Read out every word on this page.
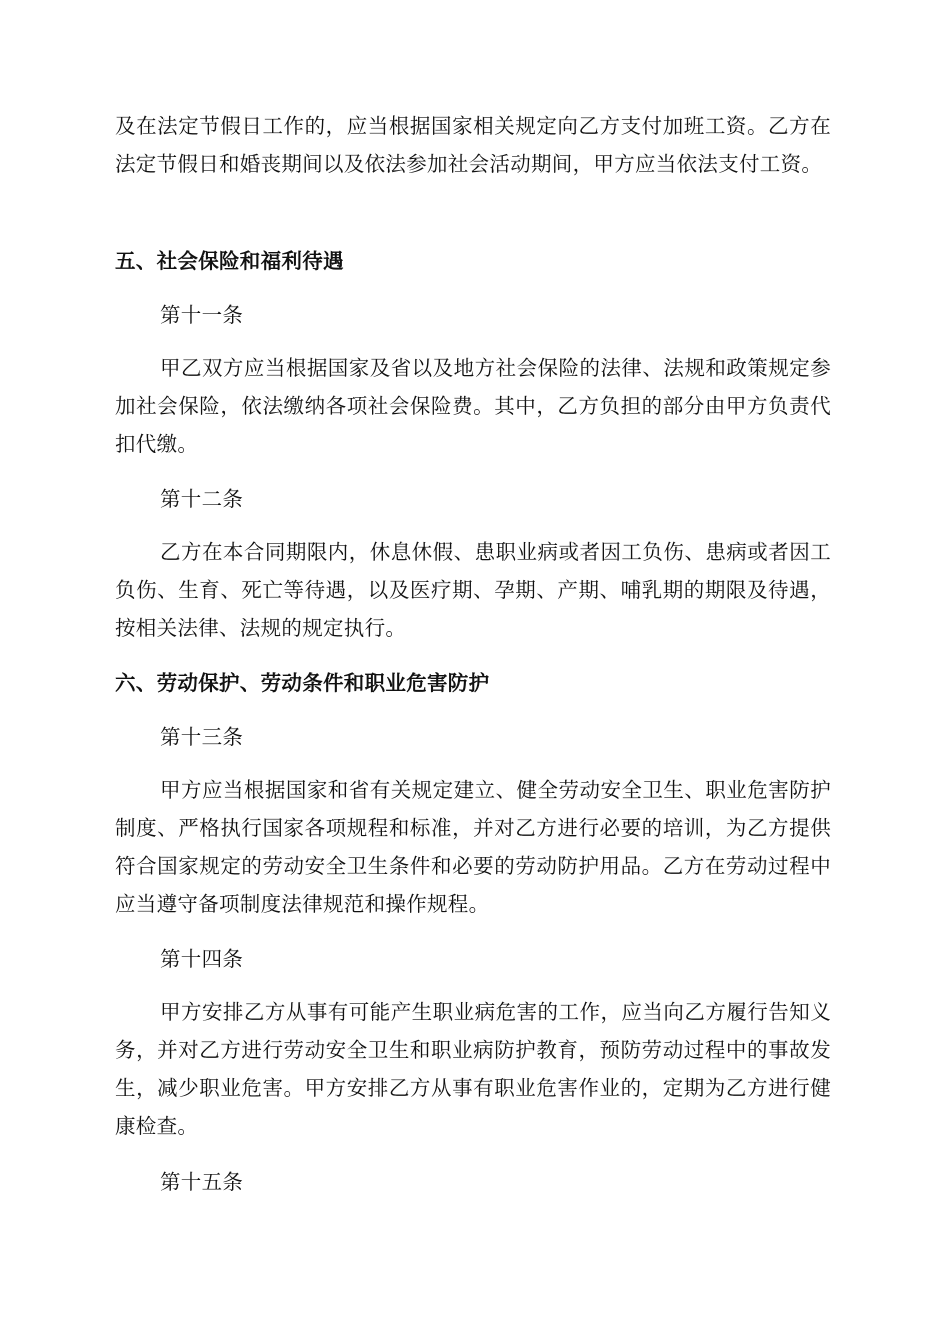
及在法定节假日工作的，应当根据国家相关规定向乙方支付加班工资。乙方在法定节假日和婚丧期间以及依法参加社会活动期间，甲方应当依法支付工资。

五、社会保险和福利待遇

第十一条

甲乙双方应当根据国家及省以及地方社会保险的法律、法规和政策规定参加社会保险，依法缴纳各项社会保险费。其中，乙方负担的部分由甲方负责代扣代缴。

第十二条

乙方在本合同期限内，休息休假、患职业病或者因工负伤、患病或者因工负伤、生育、死亡等待遇，以及医疗期、孕期、产期、哺乳期的期限及待遇，按相关法律、法规的规定执行。

六、劳动保护、劳动条件和职业危害防护

第十三条

甲方应当根据国家和省有关规定建立、健全劳动安全卫生、职业危害防护制度、严格执行国家各项规程和标准，并对乙方进行必要的培训，为乙方提供符合国家规定的劳动安全卫生条件和必要的劳动防护用品。乙方在劳动过程中应当遵守备项制度法律规范和操作规程。

第十四条

甲方安排乙方从事有可能产生职业病危害的工作，应当向乙方履行告知义务，并对乙方进行劳动安全卫生和职业病防护教育，预防劳动过程中的事故发生，减少职业危害。甲方安排乙方从事有职业危害作业的，定期为乙方进行健康检查。

第十五条
